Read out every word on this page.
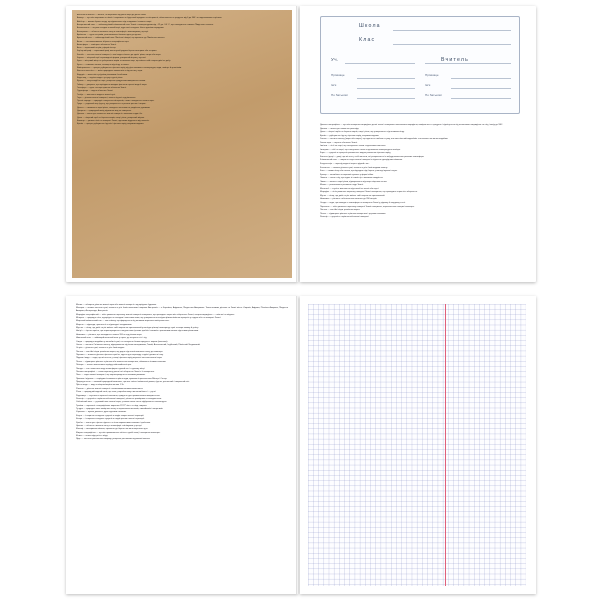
Абсолютна висота — висота, по вертикалі від рівня моря до даної точки.

Азимут — кут між напрямом на північ і напрямом на будь-який предмет на місцевості; обчислюється в градусах від 0 до 360° за годинниковою стрілкою.

Айсберг — велика брила льоду, що відкололась від льодовика і плаває в морі.

Антарктичний пояс — найхолодніший кліматичний пояс Землі з температурами від –12 до –50 °C, що знаходиться навколо Південного полюса.

Антиклиналь — опукла складка в земній корі, ядро якої складене більш давніми породами.

Антициклон — область високого тиску в атмосфері з максимумом у центрі.

Архіпелаг — група островів, розташованих близько один до одного.

Арктичний пояс — найхолодніший пояс Північної півкулі, що прилягає до Північного полюса.

Атлас — систематизоване зібрання географічних карт.

Атмосфера — повітряна оболонка Землі.

Атол — кораловий острів у формі кільця.

Бар'єрний риф — кораловий риф, витягнутий уздовж берега материка або острова.

Басейн — частина земної поверхні, з якої води стікають до однієї річки, озера або моря.

Бархан — піщаний горб серповидної форми, утворений вітром у пустелі.

Бриз — місцевий вітер на узбережжях морів та великих озер, що змінює свій напрям двічі на добу.

Бухта — невелика затока, захищена від вітру та хвиль.

Вивітрювання — процес руйнування гірських порід під дією коливань температури, води, повітря й організмів.

Висотна поясність — зміна природних комплексів з підняттям у гори.

Вододіл — межа між сусідніми річковими басейнами.

Водоспад — падіння води з уступу в руслі річки.

Вулкан — конусоподібна гора, утворена продуктами виверження магми.

Гейзер — джерело, що періодично викидає фонтани гарячої води й пари.

Геосфера — одна з концентричних оболонок Землі.

Гідросфера — водна оболонка Землі.

Глобус — зменшена модель земної кулі.

Гори — ділянки земної поверхні, значно підняті над рівниною.

Гірські породи — природні сполучення мінералів, з яких складається земна кора.

Гумус — родючий шар ґрунту, що утворюється з решток рослин і тварин.

Дельта — низовина в гирлі річки, складена наносами та розділена рукавами.

Джерело — природний вихід підземних вод на поверхню.

Долина — витягнуте зниження земної поверхні з похилом в один бік.

Дюна — піщаний горб на берегах морів, озер і річок, утворений вітром.

Екватор — умовна лінія на поверхні Землі, однаково віддалена від полюсів.

Ерозія — процес руйнування ґрунтів і гірських порід текучими водами.

Школа
Клас
Уч.	Вчитель
Прізвище
Ім'я
По батькові
Прізвище
Ім'я
По батькові

Довгота географічна — кут між площиною меридіана даної точки і площиною початкового меридіана; вимірюється в градусах і відлічується від початкового меридіана на схід і захід до 180°.

Долина — витягнуте зниження рельєфу.

Дюни — піщані горби на берегах морів, озер і річок, що утворюються під впливом вітру.

Ерозія — руйнування ґрунту гірських порід текучими водами.

Затока — частина океану (моря або озера), що вдається глибоко в сушу, але має вільний водообмін з основною частиною водойми.

Земна кора — верхня оболонка Землі.

Ізогіпси — лінії на карті, що сполучають точки з однаковою висотою.

Ізотерми — лінії на карті, що сполучають точки з однаковою температурою повітря.

Карст — сукупність процесів розчинення водою розчинних гірських порід.

Кислотні дощі — дощі, що містять у собі кислоти, які утворюються із забруднювальних речовин атмосфери.

Кліматичний пояс — широтна смуга земної поверхні з відносно однорідним кліматом.

Конденсація — перехід водяної пари в рідкий стан.

Континент — велика ділянка суші, оточена з усіх боків водами океану.

Коса — намив піску або гальки, що відходить від берега у вигляді вузької смуги.

Кратер — заглибина на вершині вулкана у формі лійки.

Лавина — маса снігу, що падає зі схилів гір з великою швидкістю.

Лиман — затока в гирлі річки, відокремлена від моря піщаною косою.

Магма — розплавлена речовина надр Землі.

Масштаб — ступінь зменшення відстаней на плані або карті.

Меридіан — лінія умовного перетину поверхні Землі площиною, що проходить через вісь обертання.

Мусон — вітер, що двічі на рік змінює свій напрям на протилежний.

Низовина — рівнина з абсолютною висотою до 200 метрів.

Опади — вода, що випадає з атмосфери на поверхню Землі у рідкому й твердому стані.

Паралель — лінія умовного перетину поверхні Землі площиною, паралельною площині екватора.

Пасати — постійні вітри тропічних широт.

Плато — підвищена рівнина з рівною поверхнею і крутими схилами.

Рельєф — сукупність нерівностей земної поверхні.

Масив — обширна ділянка земної кори або земної поверхні з однорідною будовою.

Материк — велика частина суші, оточена з усіх боків океанами і морями: Австралія — з Євразією, Африкою, Південною Америкою. Таких великих ділянок на Землі шість: Євразія, Африка, Північна Америка, Південна Америка, Антарктида, Австралія.

Меридіан географічний — лінія умовного перетину земної поверхні площиною, що проходить через вісь обертання Землі; напрям меридіана — з півночі на південь.

Мінерал — природне тіло, однорідне за складом і властивостями, що утворилося внаслідок фізико-хімічних процесів у надрах або на поверхні Землі.

Морський кліматичний тип — тип клімату, що формується під впливом морських повітряних мас.

Морена — відклади, принесені та відкладені льодовиком.

Муссон — вітер, що двічі на рік змінює свій напрям на протилежний унаслідок різниці температур суші та моря взимку й улітку.

Нагір'я — гірська країна, що характеризується поєднанням гірських хребтів і масивів з розлогими високо піднятими рівнинами.

Низовина — рівнина, що знаходиться нижче 200 м над рівнем моря.

Нівальний пояс — найвищий висотний пояс у горах, де панують сніг і лід.

Озеро — природна водойма у заглибині суші, не сполучена безпосередньо з морем (океаном).

Океан — частина Світового океану, відокремлена від інших материками; Тихий, Атлантичний, Індійський, Північний Льодовитий.

Острів — ділянка суші, оточена з усіх боків водою.

Пасати — постійні вітри тропічних широт, що дмуть від поясів високого тиску до екватора.

Перевал — знижена ділянка гірського хребта, зручна для переходу з однієї долини в іншу.

Підземні води — води, що містяться у товщі гірських порід верхньої частини земної кори.

Плато — підвищена рівнина з рівною або хвилястою поверхнею, обмежена чіткими схилами.

Пліоцен — епоха неогенового періоду кайнозойської ери.

Погода — стан нижнього шару атмосфери в даний час і в даному місці.

Полюси географічні — точки перетину уявної осі обертання Землі з її поверхнею.

Пояс — смуга земної поверхні, що характеризується певними умовами.

Приплив і відплив — періодичні коливання рівня води, зумовлені притяганням Місяця і Сонця.

Природна зона — великий природний комплекс, що має спільні кліматичні умови, ґрунти, рослинний і тваринний світ.

Прісна вода — вода з мінералізацією менше 1 ‰.

Рівнина — ділянка земної поверхні з невеликими коливаннями висот.

Річка — природний водний потік, що тече у виробленому ним заглибленні — руслі.

Родовище — скупчення корисної копалини, придатне для промислового використання.

Рельєф — сукупність нерівностей земної поверхні, різних за розмірами та походженням.

Сейсмічний пояс — рухомий пояс земної кори, у межах якого часто відбуваються землетруси.

Тропіки — паралелі з географічною широтою 23°27' півн. та півд. широти.

Тундра — природна зона помірного поясу з переважанням мохів, лишайників і чагарників.

Ущелина — вузька долина з дуже крутими схилами.

Фауна — історично складена сукупність видів тварин певної території.

Флора — історично складена сукупність видів рослин певної території.

Хребет — витягнуте гірське підняття з чітко вираженими схилами і гребенем.

Циклон — область низького тиску в атмосфері з мінімумом у центрі.

Шельф — материкова мілина, прилегла до берега частина морського дна.

Широта географічна — кут між прямовисною лінією в даній точці і площиною екватора.

Штиль — повна відсутність вітру.

Ярус — частина рослинного покриву, утворена рослинами однакової висоти.
